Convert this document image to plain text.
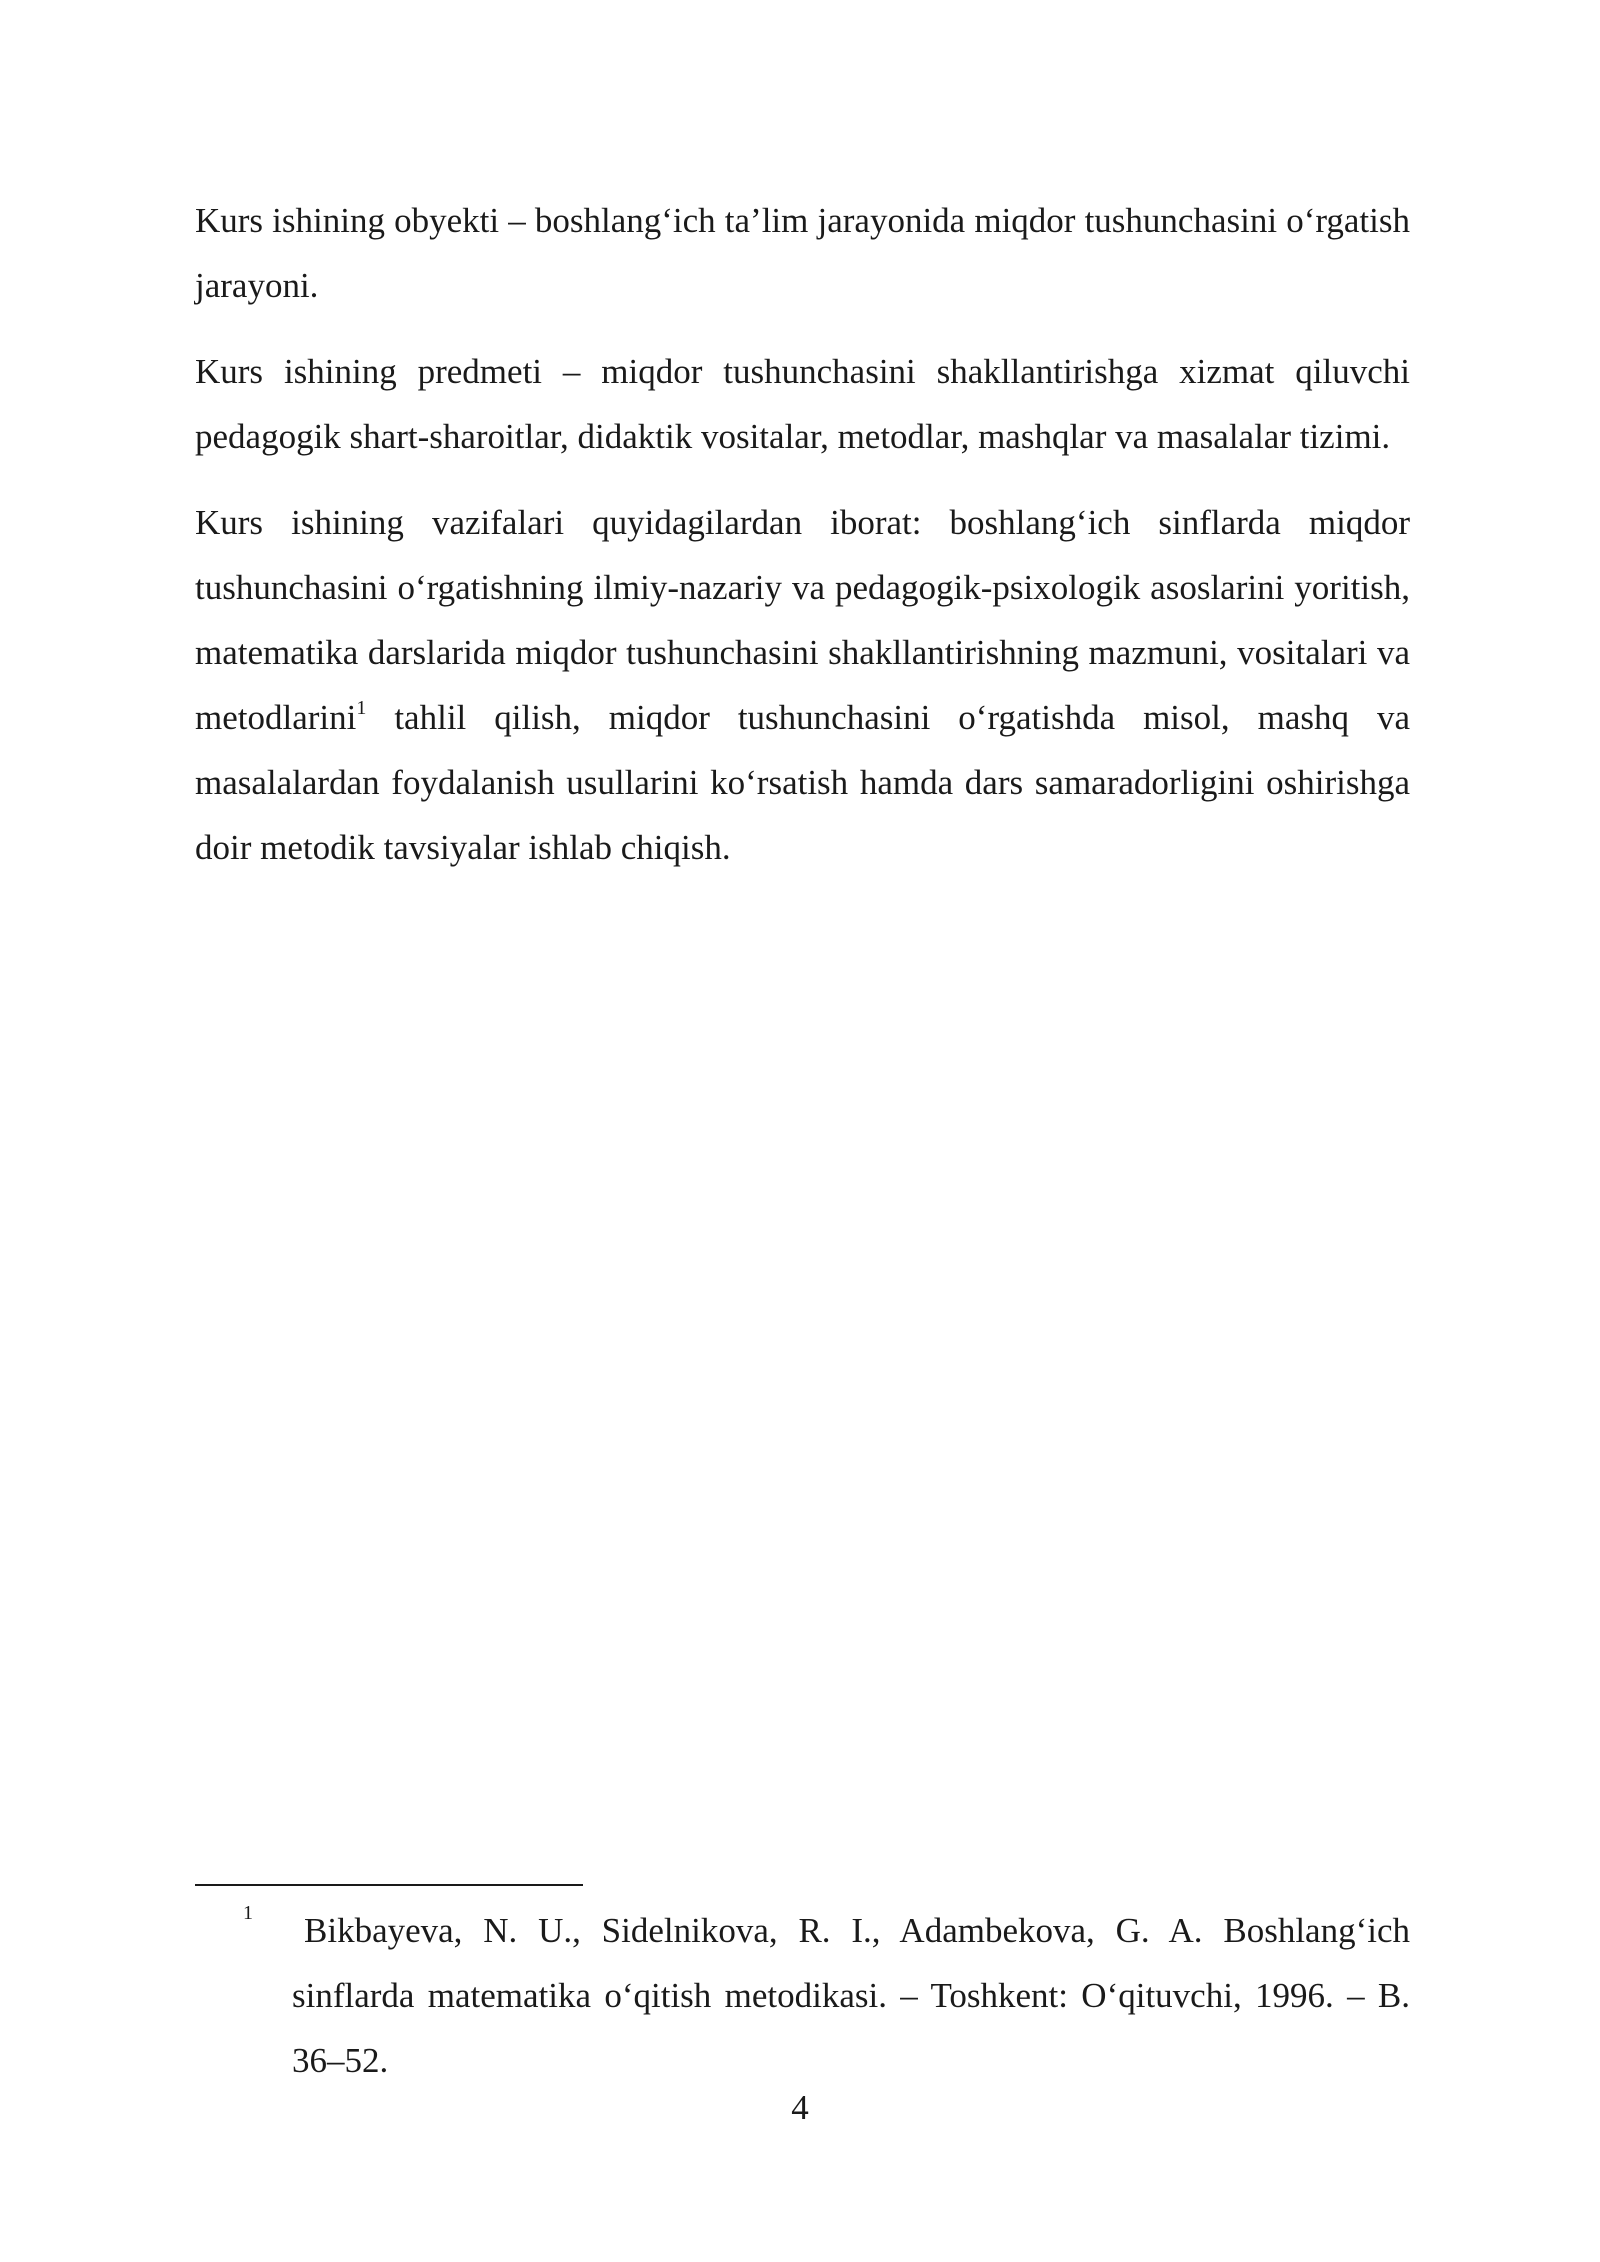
Kurs ishining obyekti – boshlang‘ich ta’lim jarayonida miqdor tushunchasini o‘rgatish jarayoni.

Kurs ishining predmeti – miqdor tushunchasini shakllantirishga xizmat qiluvchi pedagogik shart-sharoitlar, didaktik vositalar, metodlar, mashqlar va masalalar tizimi.

Kurs ishining vazifalari quyidagilardan iborat: boshlang‘ich sinflarda miqdor tushunchasini o‘rgatishning ilmiy-nazariy va pedagogik-psixologik asoslarini yoritish, matematika darslarida miqdor tushunchasini shakllantirishning mazmuni, vositalari va metodlarini$^1$ tahlil qilish, miqdor tushunchasini o‘rgatishda misol, mashq va masalalardan foydalanish usullarini ko‘rsatish hamda dars samaradorligini oshirishga doir metodik tavsiyalar ishlab chiqish.

1	Bikbayeva, N. U., Sidelnikova, R. I., Adambekova, G. A. Boshlang‘ich sinflarda matematika o‘qitish metodikasi. – Toshkent: O‘qituvchi, 1996. – B. 36–52.

4
